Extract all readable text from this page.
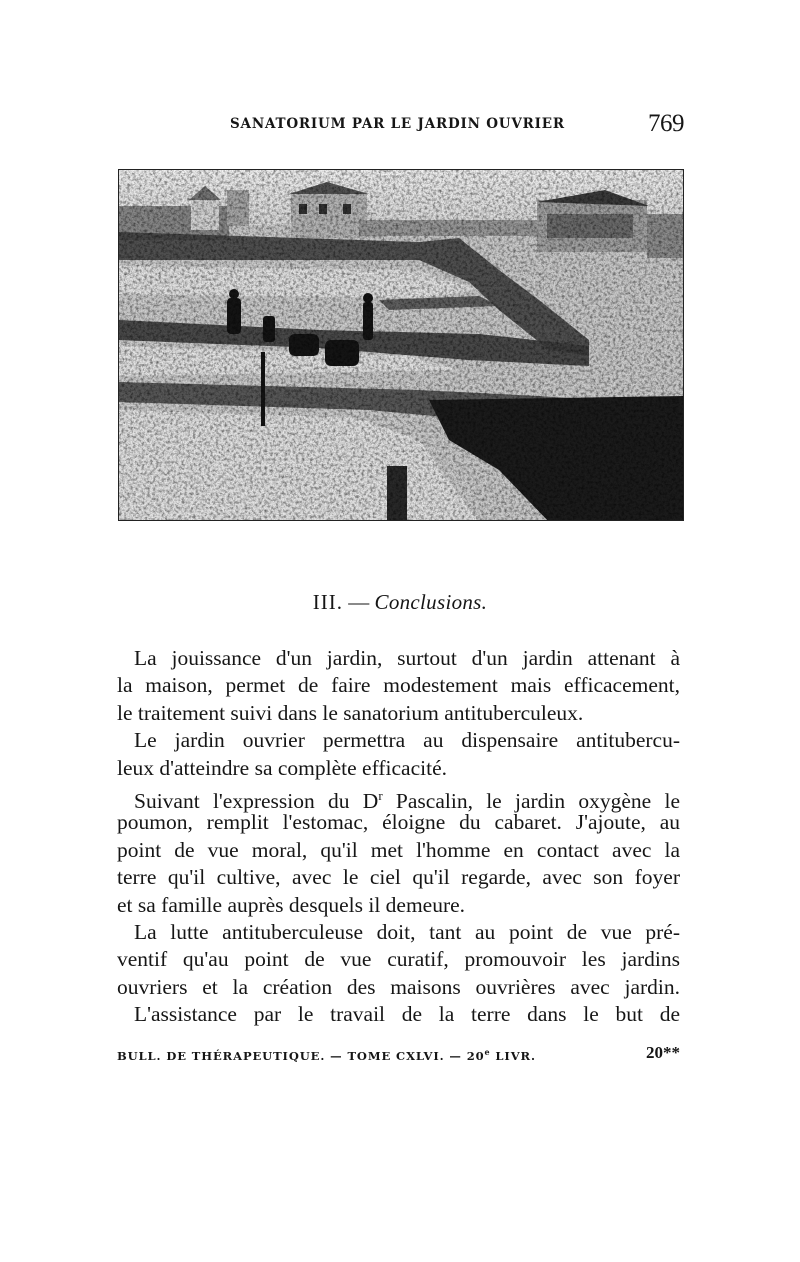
SANATORIUM PAR LE JARDIN OUVRIER	769
III. — Conclusions.
La jouissance d'un jardin, surtout d'un jardin attenant à
la maison, permet de faire modestement mais efficacement,
le traitement suivi dans le sanatorium antituberculeux.
Le jardin ouvrier permettra au dispensaire antitubercu-
leux d'atteindre sa complète efficacité.
Suivant l'expression du $D^r$ Pascalin, le jardin oxygène le
poumon, remplit l'estomac, éloigne du cabaret. J'ajoute, au
point de vue moral, qu'il met l'homme en contact avec la
terre qu'il cultive, avec le ciel qu'il regarde, avec son foyer
et sa famille auprès desquels il demeure.
La lutte antituberculeuse doit, tant au point de vue pré-
ventif qu'au point de vue curatif, promouvoir les jardins
ouvriers et la création des maisons ouvrières avec jardin.
L'assistance par le travail de la terre dans le but de
BULL. DE THÉRAPEUTIQUE. — TOME CXLVI. — 20e LIVR.	20**
